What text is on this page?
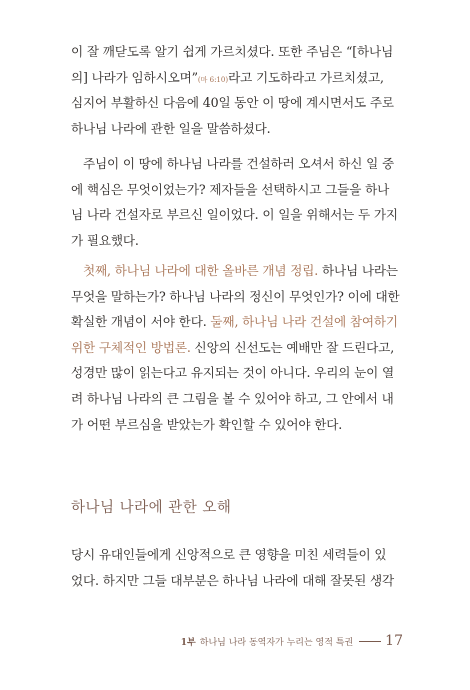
이 잘 깨닫도록 알기 쉽게 가르치셨다. 또한 주님은 “[하나님
의] 나라가 임하시오며”(마 6:10)라고 기도하라고 가르치셨고,
심지어 부활하신 다음에 40일 동안 이 땅에 계시면서도 주로
하나님 나라에 관한 일을 말씀하셨다.
주님이 이 땅에 하나님 나라를 건설하러 오셔서 하신 일 중
에 핵심은 무엇이었는가? 제자들을 선택하시고 그들을 하나
님 나라 건설자로 부르신 일이었다. 이 일을 위해서는 두 가지
가 필요했다.
첫째, 하나님 나라에 대한 올바른 개념 정립. 하나님 나라는
무엇을 말하는가? 하나님 나라의 정신이 무엇인가? 이에 대한
확실한 개념이 서야 한다. 둘째, 하나님 나라 건설에 참여하기
위한 구체적인 방법론. 신앙의 신선도는 예배만 잘 드린다고,
성경만 많이 읽는다고 유지되는 것이 아니다. 우리의 눈이 열
려 하나님 나라의 큰 그림을 볼 수 있어야 하고, 그 안에서 내
가 어떤 부르심을 받았는가 확인할 수 있어야 한다.
하나님 나라에 관한 오해
당시 유대인들에게 신앙적으로 큰 영향을 미친 세력들이 있
었다. 하지만 그들 대부분은 하나님 나라에 대해 잘못된 생각
1부 하나님 나라 동역자가 누리는 영적 특권 17
